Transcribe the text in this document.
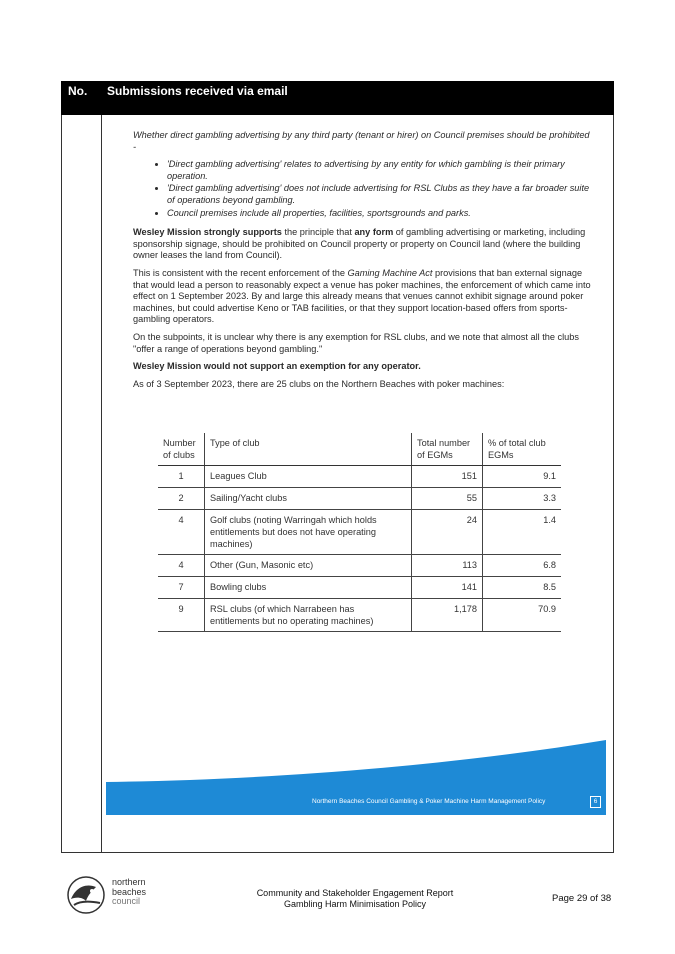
No. Submissions received via email

Whether direct gambling advertising by any third party (tenant or hirer) on Council premises should be prohibited -

• 'Direct gambling advertising' relates to advertising by any entity for which gambling is their primary operation.
• 'Direct gambling advertising' does not include advertising for RSL Clubs as they have a far broader suite of operations beyond gambling.
• Council premises include all properties, facilities, sportsgrounds and parks.

Wesley Mission strongly supports the principle that any form of gambling advertising or marketing, including sponsorship signage, should be prohibited on Council property or property on Council land (where the building owner leases the land from Council).

This is consistent with the recent enforcement of the Gaming Machine Act provisions that ban external signage that would lead a person to reasonably expect a venue has poker machines, the enforcement of which came into effect on 1 September 2023. By and large this already means that venues cannot exhibit signage around poker machines, but could advertise Keno or TAB facilities, or that they support location-based offers from sports-gambling operators.

On the subpoints, it is unclear why there is any exemption for RSL clubs, and we note that almost all the clubs "offer a range of operations beyond gambling."

Wesley Mission would not support an exemption for any operator.

As of 3 September 2023, there are 25 clubs on the Northern Beaches with poker machines:

Number of clubs	Type of club	Total number of EGMs	% of total club EGMs
1	Leagues Club	151	9.1
2	Sailing/Yacht clubs	55	3.3
4	Golf clubs (noting Warringah which holds entitlements but does not have operating machines)	24	1.4
4	Other (Gun, Masonic etc)	113	6.8
7	Bowling clubs	141	8.5
9	RSL clubs (of which Narrabeen has entitlements but no operating machines)	1,178	70.9
Northern Beaches Council Gambling & Poker Machine Harm Management Policy	6
northern
beaches
council
Community and Stakeholder Engagement Report
Gambling Harm Minimisation Policy	Page 29 of 38
